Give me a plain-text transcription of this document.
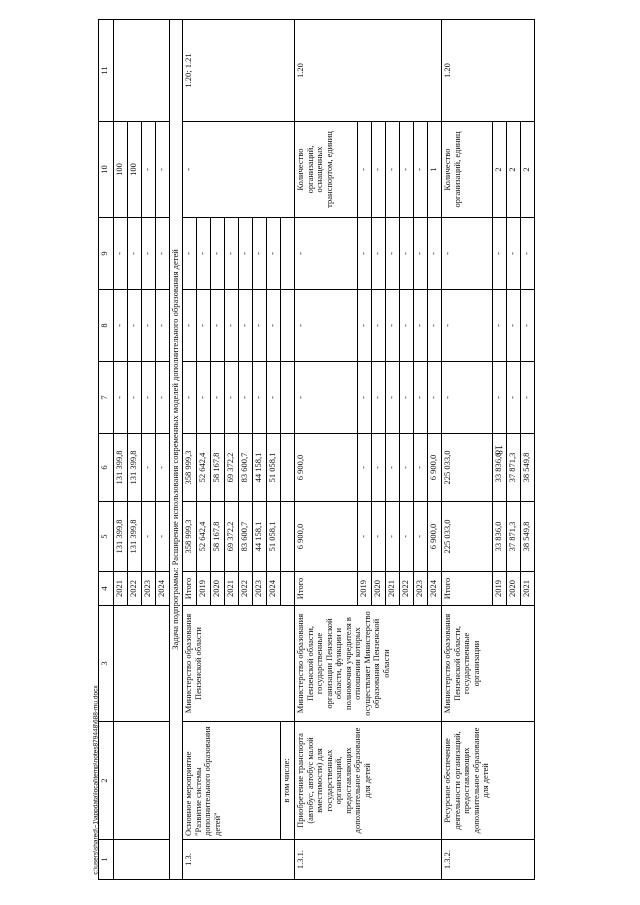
18
c:\users\shared\~1\appdata\local\temp\notes879448\688-mu.docx 1	2	3	4	5	6	7	8	9	10	11
			2021	131 399,8	131 399,8	-	-	-	100	
			2022	131 399,8	131 399,8	-	-	-	100	
			2023	-	-	-	-	-	-	
			2024	-	-	-	-	-	-	
Задача подпрограммы: Расширение использования современных моделей дополнительного образования детей										
1.3.	Основное мероприятие "Развитие системы дополнительного образования детей"	Министерство образования Пензенской области	Итого	358 999,3	358 999,3	-	-	-	-	1.20; 1.21
			2019	52 642,4	52 642,4	-	-	-		
			2020	58 167,8	58 167,8	-	-	-		
			2021	69 372,2	69 372,2	-	-	-		
			2022	83 600,7	83 600,7	-	-	-		
			2023	44 158,1	44 158,1	-	-	-		
			2024	51 058,1	51 058,1	-	-	-		
	в том числе:									
1.3.1.	Приобретение транспорта (автобус, автобус малой вместимости) для государственных организаций, предоставляющих дополнительное образование для детей	Министерство образования Пензенской области, государственные организации Пензенской области, функции и полномочия учредителя в отношении которых осуществляет Министерство образования Пензенской области	Итого	6 900,0	6 900,0	-	-	-	Количество организаций, оснащенных транспортом, единиц	1.20
			2019	-	-	-	-	-	-	
			2020	-	-	-	-	-	-	
			2021	-	-	-	-	-	-	
			2022	-	-	-	-	-	-	
			2023	-	-	-	-	-	-	
			2024	6 900,0	6 900,0	-	-	-	1	
1.3.2.	Ресурсное обеспечение деятельности организаций, предоставляющих дополнительное образование для детей	Министерство образования Пензенской области, государственные организации	Итого	225 033,0	225 033,0	-	-	-	Количество организаций, единиц	1.20
			2019	33 836,0	33 836,0	-	-	-	2	
			2020	37 871,3	37 871,3	-	-	-	2	
			2021	38 549,8	38 549,8	-	-	-	2	
